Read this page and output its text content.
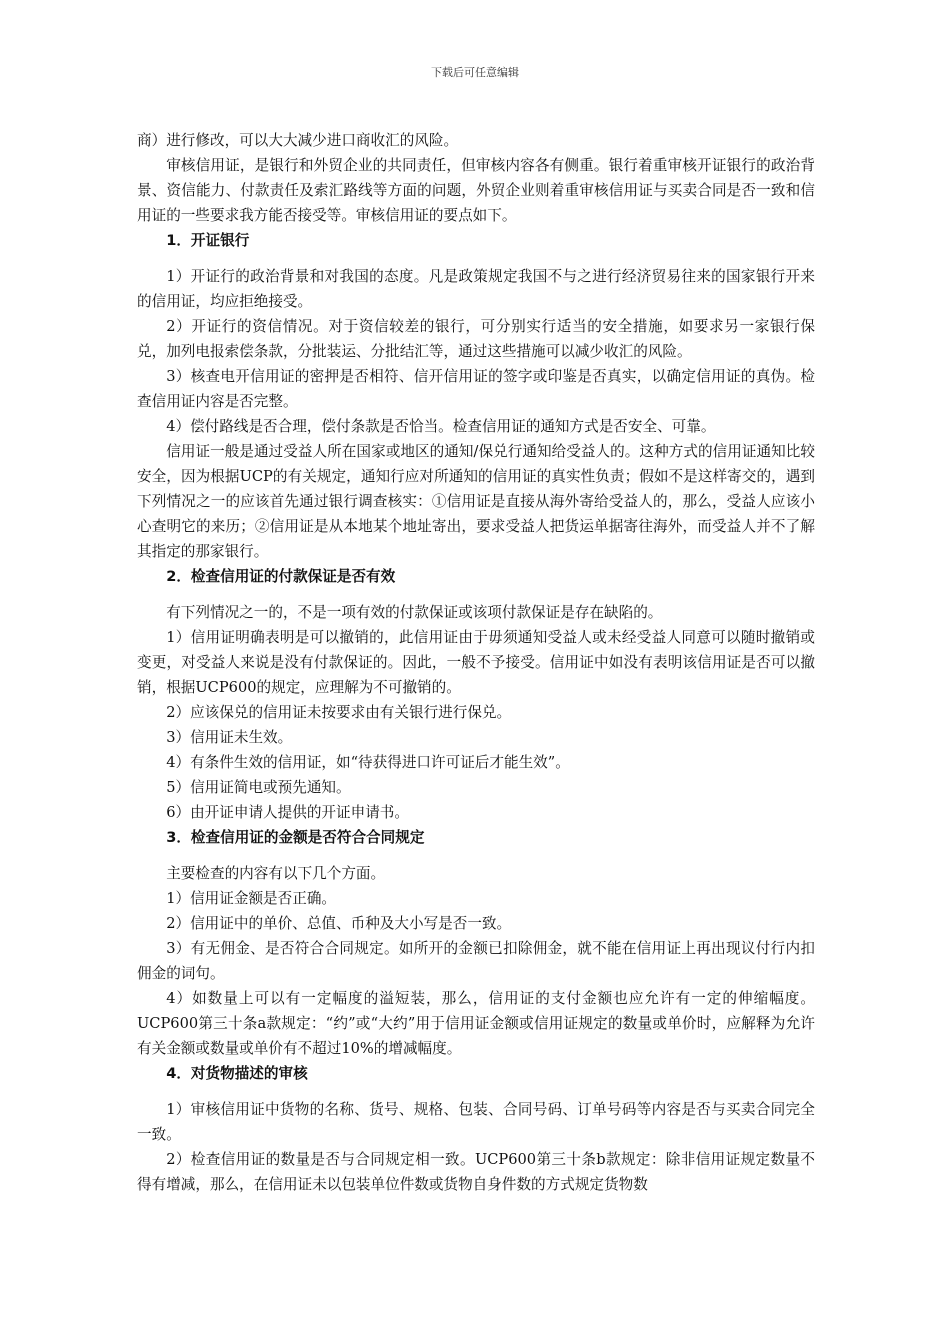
下载后可任意编辑

商）进行修改，可以大大减少进口商收汇的风险。

审核信用证，是银行和外贸企业的共同责任，但审核内容各有侧重。银行着重审核开证银行的政治背景、资信能力、付款责任及索汇路线等方面的问题，外贸企业则着重审核信用证与买卖合同是否一致和信用证的一些要求我方能否接受等。审核信用证的要点如下。

1．开证银行

1）开证行的政治背景和对我国的态度。凡是政策规定我国不与之进行经济贸易往来的国家银行开来的信用证，均应拒绝接受。

2）开证行的资信情况。对于资信较差的银行，可分别实行适当的安全措施，如要求另一家银行保兑，加列电报索偿条款，分批装运、分批结汇等，通过这些措施可以减少收汇的风险。

3）核查电开信用证的密押是否相符、信开信用证的签字或印鉴是否真实，以确定信用证的真伪。检查信用证内容是否完整。

4）偿付路线是否合理，偿付条款是否恰当。检查信用证的通知方式是否安全、可靠。

信用证一般是通过受益人所在国家或地区的通知/保兑行通知给受益人的。这种方式的信用证通知比较安全，因为根据UCP的有关规定，通知行应对所通知的信用证的真实性负责；假如不是这样寄交的，遇到下列情况之一的应该首先通过银行调查核实：①信用证是直接从海外寄给受益人的，那么，受益人应该小心查明它的来历；②信用证是从本地某个地址寄出，要求受益人把货运单据寄往海外，而受益人并不了解其指定的那家银行。

2．检查信用证的付款保证是否有效

有下列情况之一的，不是一项有效的付款保证或该项付款保证是存在缺陷的。

1）信用证明确表明是可以撤销的，此信用证由于毋须通知受益人或未经受益人同意可以随时撤销或变更，对受益人来说是没有付款保证的。因此，一般不予接受。信用证中如没有表明该信用证是否可以撤销，根据UCP600的规定，应理解为不可撤销的。

2）应该保兑的信用证未按要求由有关银行进行保兑。

3）信用证未生效。

4）有条件生效的信用证，如“待获得进口许可证后才能生效”。

5）信用证简电或预先通知。

6）由开证申请人提供的开证申请书。

3．检查信用证的金额是否符合合同规定

主要检查的内容有以下几个方面。

1）信用证金额是否正确。

2）信用证中的单价、总值、币种及大小写是否一致。

3）有无佣金、是否符合合同规定。如所开的金额已扣除佣金，就不能在信用证上再出现议付行内扣佣金的词句。

4）如数量上可以有一定幅度的溢短装，那么，信用证的支付金额也应允许有一定的伸缩幅度。UCP600第三十条a款规定：“约”或“大约”用于信用证金额或信用证规定的数量或单价时，应解释为允许有关金额或数量或单价有不超过10%的增减幅度。

4．对货物描述的审核

1）审核信用证中货物的名称、货号、规格、包装、合同号码、订单号码等内容是否与买卖合同完全一致。

2）检查信用证的数量是否与合同规定相一致。UCP600第三十条b款规定：除非信用证规定数量不得有增减，那么，在信用证未以包装单位件数或货物自身件数的方式规定货物数
